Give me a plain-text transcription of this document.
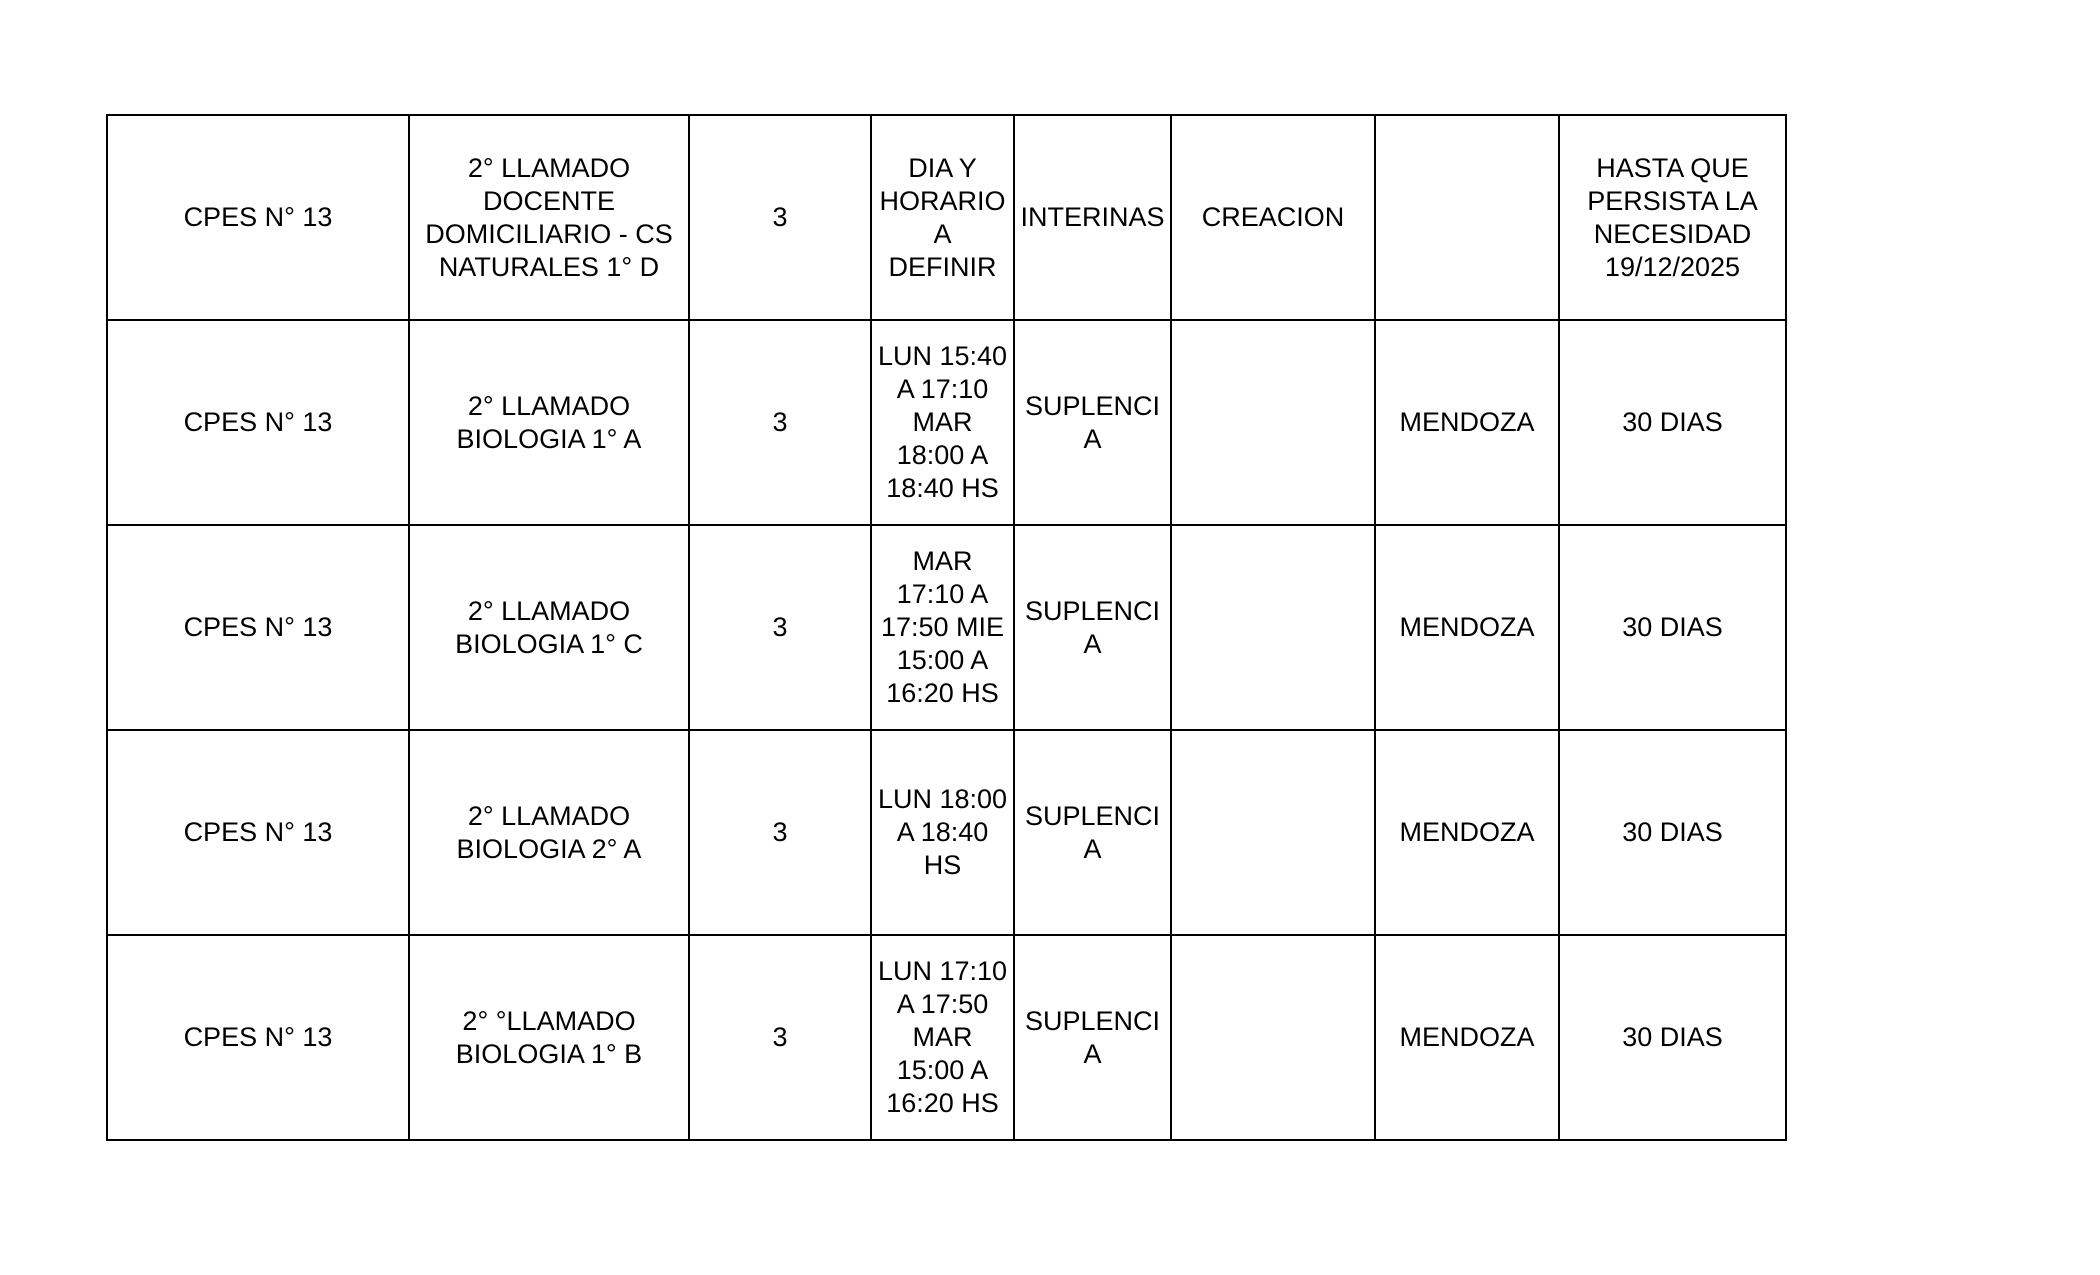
CPES N° 13	2° LLAMADO
DOCENTE
DOMICILIARIO - CS
NATURALES 1° D	3	DIA Y
HORARIO
A
DEFINIR	INTERINAS	CREACION		HASTA QUE
PERSISTA LA
NECESIDAD
19/12/2025
CPES N° 13	2° LLAMADO
BIOLOGIA 1° A	3	LUN 15:40
A 17:10
MAR
18:00 A
18:40 HS	SUPLENCI
A		MENDOZA	30 DIAS
CPES N° 13	2° LLAMADO
BIOLOGIA 1° C	3	MAR
17:10 A
17:50 MIE
15:00 A
16:20 HS	SUPLENCI
A		MENDOZA	30 DIAS
CPES N° 13	2° LLAMADO
BIOLOGIA 2° A	3	LUN 18:00
A 18:40
HS	SUPLENCI
A		MENDOZA	30 DIAS
CPES N° 13	2° °LLAMADO
BIOLOGIA 1° B	3	LUN 17:10
A 17:50
MAR
15:00 A
16:20 HS	SUPLENCI
A		MENDOZA	30 DIAS
